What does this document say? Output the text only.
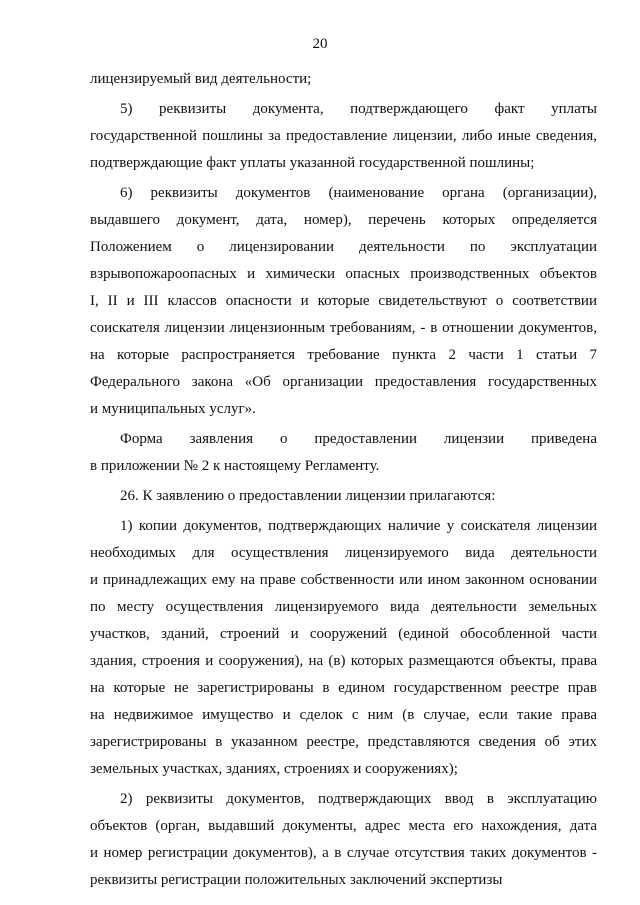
20
лицензируемый вид деятельности;
5) реквизиты документа, подтверждающего факт уплаты
государственной пошлины за предоставление лицензии, либо иные сведения,
подтверждающие факт уплаты указанной государственной пошлины;
6) реквизиты документов (наименование органа (организации),
выдавшего документ, дата, номер), перечень которых определяется
Положением о лицензировании деятельности по эксплуатации
взрывопожароопасных и химически опасных производственных объектов
I, II и III классов опасности и которые свидетельствуют о соответствии
соискателя лицензии лицензионным требованиям, - в отношении документов,
на которые распространяется требование пункта 2 части 1 статьи 7
Федерального закона «Об организации предоставления государственных
и муниципальных услуг».
Форма заявления о предоставлении лицензии приведена
в приложении № 2 к настоящему Регламенту.
26. К заявлению о предоставлении лицензии прилагаются:
1) копии документов, подтверждающих наличие у соискателя лицензии
необходимых для осуществления лицензируемого вида деятельности
и принадлежащих ему на праве собственности или ином законном основании
по месту осуществления лицензируемого вида деятельности земельных
участков, зданий, строений и сооружений (единой обособленной части
здания, строения и сооружения), на (в) которых размещаются объекты, права
на которые не зарегистрированы в едином государственном реестре прав
на недвижимое имущество и сделок с ним (в случае, если такие права
зарегистрированы в указанном реестре, представляются сведения об этих
земельных участках, зданиях, строениях и сооружениях);
2) реквизиты документов, подтверждающих ввод в эксплуатацию
объектов (орган, выдавший документы, адрес места его нахождения, дата
и номер регистрации документов), а в случае отсутствия таких документов -
реквизиты регистрации положительных заключений экспертизы
